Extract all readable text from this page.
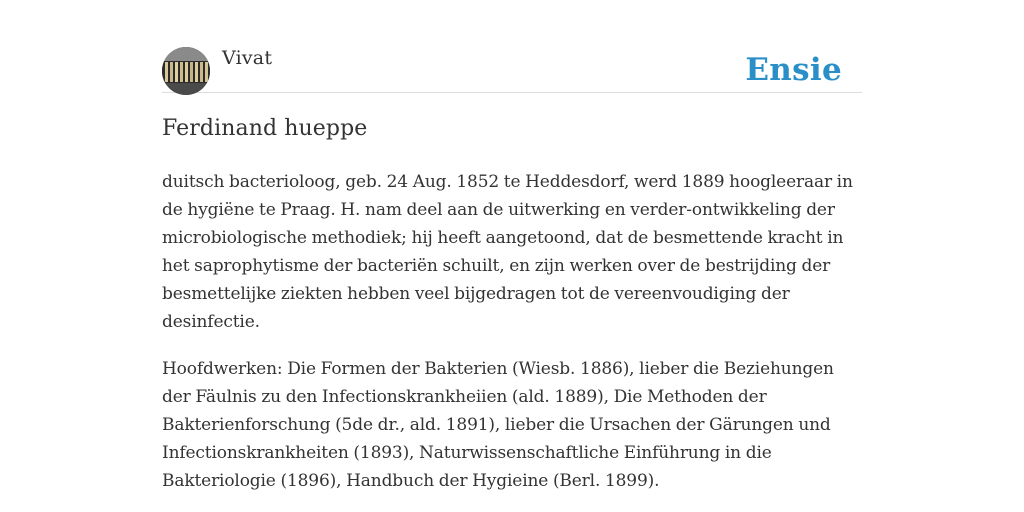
Vivat	Ensie
Ferdinand hueppe

duitsch bacterioloog, geb. 24 Aug. 1852 te Heddesdorf, werd 1889 hoogleeraar in de hygiëne te Praag. H. nam deel aan de uitwerking en verder-ontwikkeling der microbiologische methodiek; hij heeft aangetoond, dat de besmettende kracht in het saprophytisme der bacteriën schuilt, en zijn werken over de bestrijding der besmettelijke ziekten hebben veel bijgedragen tot de vereenvoudiging der desinfectie.

Hoofdwerken: Die Formen der Bakterien (Wiesb. 1886), lieber die Beziehungen der Fäulnis zu den Infectionskrankheiien (ald. 1889), Die Methoden der Bakterienforschung (5de dr., ald. 1891), lieber die Ursachen der Gärungen und Infectionskrankheiten (1893), Naturwissenschaftliche Einführung in die Bakteriologie (1896), Handbuch der Hygieine (Berl. 1899).
